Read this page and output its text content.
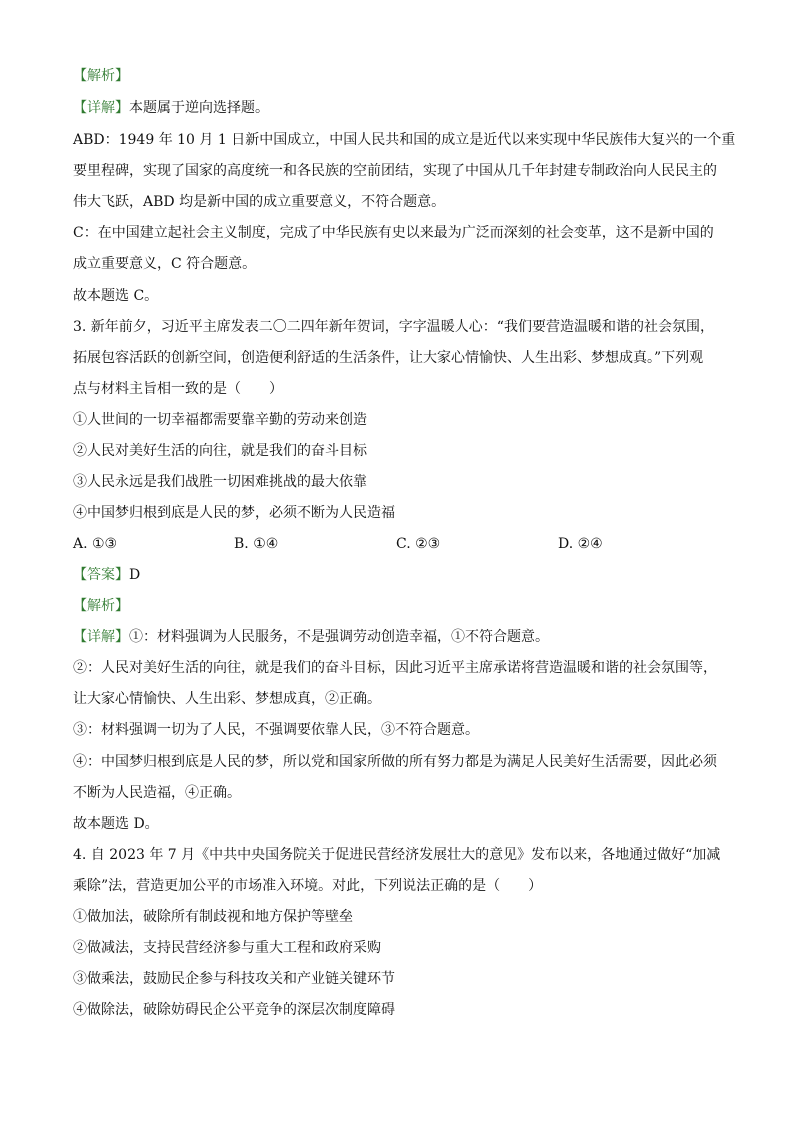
【解析】
【详解】本题属于逆向选择题。
ABD：1949 年 10 月 1 日新中国成立，中国人民共和国的成立是近代以来实现中华民族伟大复兴的一个重
要里程碑，实现了国家的高度统一和各民族的空前团结，实现了中国从几千年封建专制政治向人民民主的
伟大飞跃，ABD 均是新中国的成立重要意义，不符合题意。
C：在中国建立起社会主义制度，完成了中华民族有史以来最为广泛而深刻的社会变革，这不是新中国的
成立重要意义，C 符合题意。
故本题选 C。
3. 新年前夕，习近平主席发表二〇二四年新年贺词，字字温暖人心：“我们要营造温暖和谐的社会氛围，
拓展包容活跃的创新空间，创造便利舒适的生活条件，让大家心情愉快、人生出彩、梦想成真。”下列观
点与材料主旨相一致的是（　　）
①人世间的一切幸福都需要靠辛勤的劳动来创造
②人民对美好生活的向往，就是我们的奋斗目标
③人民永远是我们战胜一切困难挑战的最大依靠
④中国梦归根到底是人民的梦，必须不断为人民造福
A. ①③	B. ①④	C. ②③	D. ②④
【答案】D
【解析】
【详解】①：材料强调为人民服务，不是强调劳动创造幸福，①不符合题意。
②：人民对美好生活的向往，就是我们的奋斗目标，因此习近平主席承诺将营造温暖和谐的社会氛围等，
让大家心情愉快、人生出彩、梦想成真，②正确。
③：材料强调一切为了人民，不强调要依靠人民，③不符合题意。
④：中国梦归根到底是人民的梦，所以党和国家所做的所有努力都是为满足人民美好生活需要，因此必须
不断为人民造福，④正确。
故本题选 D。
4. 自 2023 年 7 月《中共中央国务院关于促进民营经济发展壮大的意见》发布以来，各地通过做好“加减
乘除”法，营造更加公平的市场准入环境。对此，下列说法正确的是（　　）
①做加法，破除所有制歧视和地方保护等壁垒
②做减法，支持民营经济参与重大工程和政府采购
③做乘法，鼓励民企参与科技攻关和产业链关键环节
④做除法，破除妨碍民企公平竞争的深层次制度障碍
